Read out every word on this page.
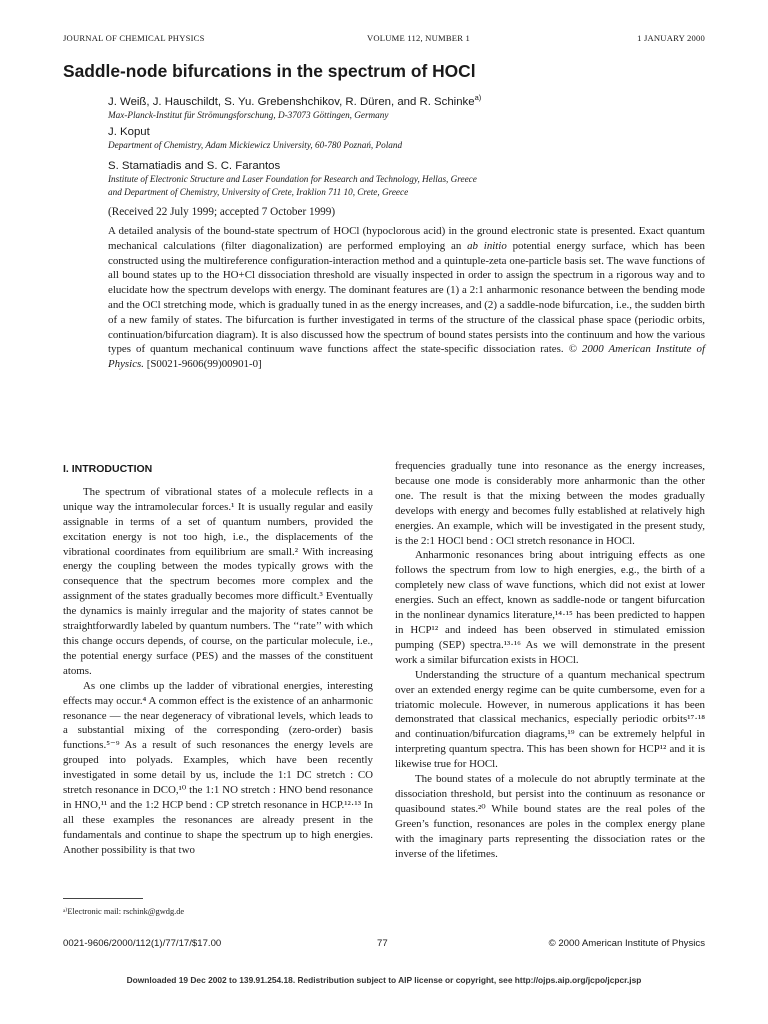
JOURNAL OF CHEMICAL PHYSICS	VOLUME 112, NUMBER 1	1 JANUARY 2000
Saddle-node bifurcations in the spectrum of HOCl
J. Weiß, J. Hauschildt, S. Yu. Grebenshchikov, R. Düren, and R. Schinke$^{a)}$
Max-Planck-Institut für Strömungsforschung, D-37073 Göttingen, Germany
J. Koput
Department of Chemistry, Adam Mickiewicz University, 60-780 Poznań, Poland
S. Stamatiadis and S. C. Farantos
Institute of Electronic Structure and Laser Foundation for Research and Technology, Hellas, Greece
and Department of Chemistry, University of Crete, Iraklion 711 10, Crete, Greece
(Received 22 July 1999; accepted 7 October 1999)
A detailed analysis of the bound-state spectrum of HOCl (hypoclorous acid) in the ground electronic state is presented. Exact quantum mechanical calculations (filter diagonalization) are performed employing an ab initio potential energy surface, which has been constructed using the multireference configuration-interaction method and a quintuple-zeta one-particle basis set. The wave functions of all bound states up to the HO+Cl dissociation threshold are visually inspected in order to assign the spectrum in a rigorous way and to elucidate how the spectrum develops with energy. The dominant features are (1) a 2:1 anharmonic resonance between the bending mode and the OCl stretching mode, which is gradually tuned in as the energy increases, and (2) a saddle-node bifurcation, i.e., the sudden birth of a new family of states. The bifurcation is further investigated in terms of the structure of the classical phase space (periodic orbits, continuation/bifurcation diagram). It is also discussed how the spectrum of bound states persists into the continuum and how the various types of quantum mechanical continuum wave functions affect the state-specific dissociation rates. © 2000 American Institute of Physics. [S0021-9606(99)00901-0]
I. INTRODUCTION

The spectrum of vibrational states of a molecule reflects in a unique way the intramolecular forces.¹ It is usually regular and easily assignable in terms of a set of quantum numbers, provided the excitation energy is not too high, i.e., the displacements of the vibrational coordinates from equilibrium are small.² With increasing energy the coupling between the modes typically grows with the consequence that the spectrum becomes more complex and the assignment of the states gradually becomes more difficult.³ Eventually the dynamics is mainly irregular and the majority of states cannot be straightforwardly labeled by quantum numbers. The ‘‘rate’’ with which this change occurs depends, of course, on the particular molecule, i.e., the potential energy surface (PES) and the masses of the constituent atoms.

As one climbs up the ladder of vibrational energies, interesting effects may occur.⁴ A common effect is the existence of an anharmonic resonance — the near degeneracy of vibrational levels, which leads to a substantial mixing of the corresponding (zero-order) basis functions.⁵⁻⁹ As a result of such resonances the energy levels are grouped into polyads. Examples, which have been recently investigated in some detail by us, include the 1:1 DC stretch : CO stretch resonance in DCO,¹⁰ the 1:1 NO stretch : HNO bend resonance in HNO,¹¹ and the 1:2 HCP bend : CP stretch resonance in HCP.¹²·¹³ In all these examples the resonances are already present in the fundamentals and continue to shape the spectrum up to high energies. Another possibility is that two

frequencies gradually tune into resonance as the energy increases, because one mode is considerably more anharmonic than the other one. The result is that the mixing between the modes gradually develops with energy and becomes fully established at relatively high energies. An example, which will be investigated in the present study, is the 2:1 HOCl bend : OCl stretch resonance in HOCl.

Anharmonic resonances bring about intriguing effects as one follows the spectrum from low to high energies, e.g., the birth of a completely new class of wave functions, which did not exist at lower energies. Such an effect, known as saddle-node or tangent bifurcation in the nonlinear dynamics literature,¹⁴·¹⁵ has been predicted to happen in HCP¹² and indeed has been observed in stimulated emission pumping (SEP) spectra.¹³·¹⁶ As we will demonstrate in the present work a similar bifurcation exists in HOCl.

Understanding the structure of a quantum mechanical spectrum over an extended energy regime can be quite cumbersome, even for a triatomic molecule. However, in numerous applications it has been demonstrated that classical mechanics, especially periodic orbits¹⁷·¹⁸ and continuation/bifurcation diagrams,¹⁹ can be extremely helpful in interpreting quantum spectra. This has been shown for HCP¹² and it is likewise true for HOCl.

The bound states of a molecule do not abruptly terminate at the dissociation threshold, but persist into the continuum as resonance or quasibound states.²⁰ While bound states are the real poles of the Green’s function, resonances are poles in the complex energy plane with the imaginary parts representing the dissociation rates or the inverse of the lifetimes.

ᵃ⁾Electronic mail: rschink@gwdg.de
0021-9606/2000/112(1)/77/17/$17.00	77	© 2000 American Institute of Physics
Downloaded 19 Dec 2002 to 139.91.254.18. Redistribution subject to AIP license or copyright, see http://ojps.aip.org/jcpo/jcpcr.jsp
